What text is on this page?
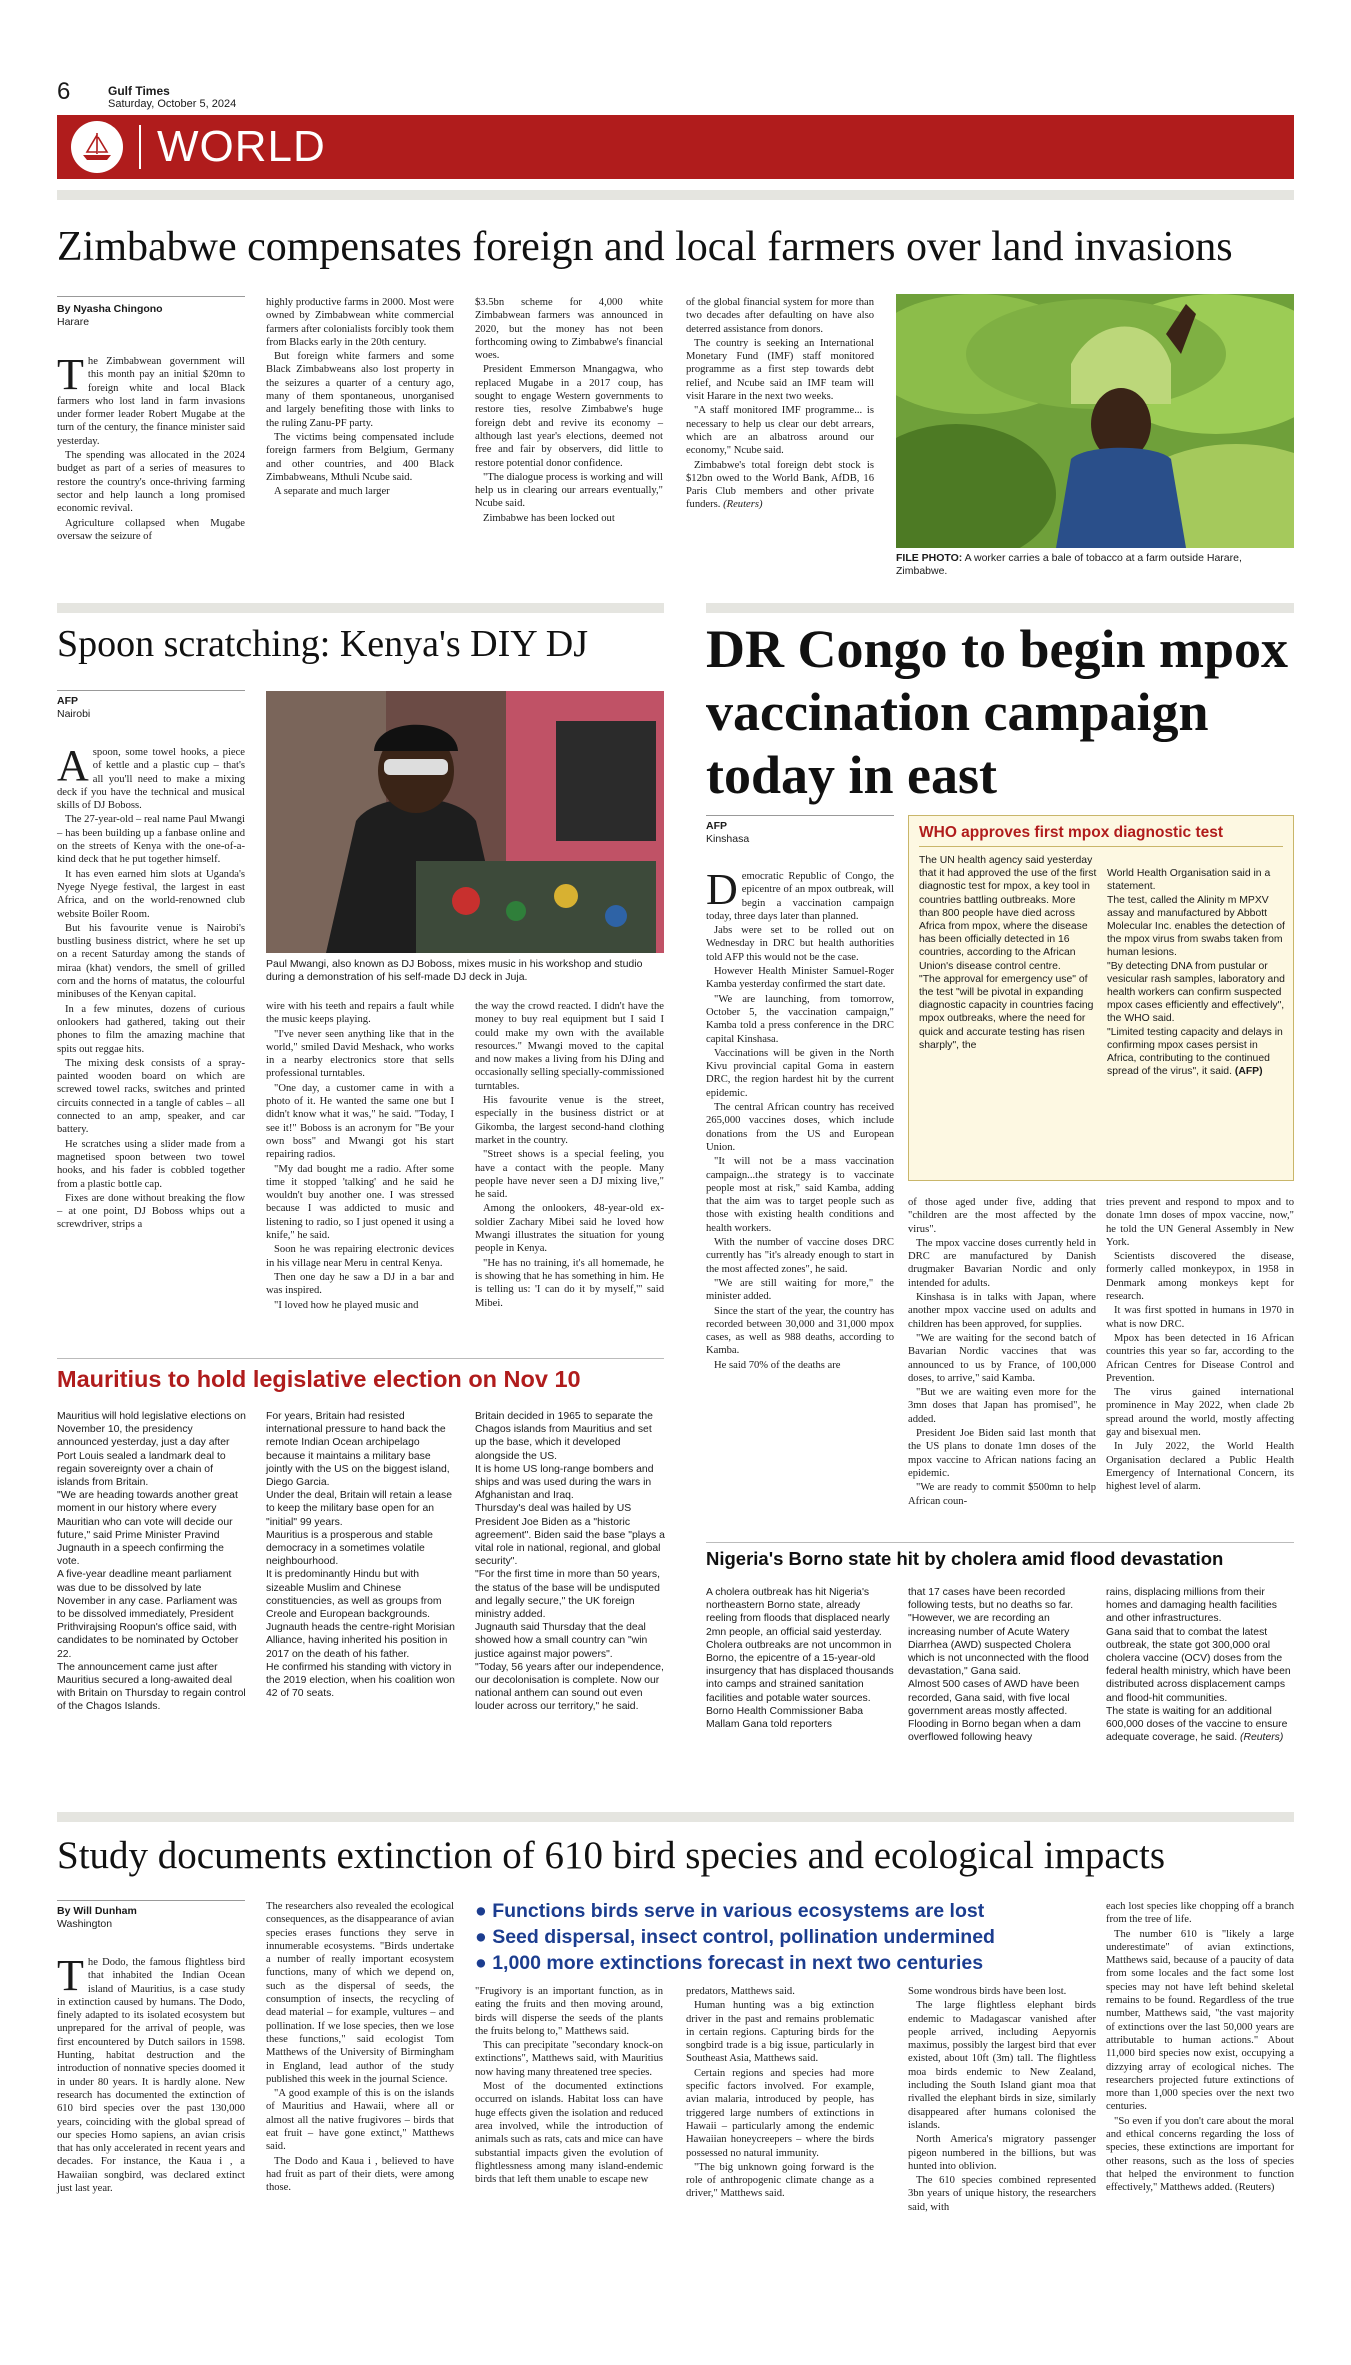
6	Gulf Times
Saturday, October 5, 2024
WORLD
Zimbabwe compensates foreign and local farmers over land invasions
By Nyasha Chingono
Harare

The Zimbabwean government will this month pay an initial $20mn to foreign white and local Black farmers who lost land in farm invasions under former leader Robert Mugabe at the turn of the century, the finance minister said yesterday.

The spending was allocated in the 2024 budget as part of a series of measures to restore the country's once-thriving farming sector and help launch a long promised economic revival.

Agriculture collapsed when Mugabe oversaw the seizure of

highly productive farms in 2000. Most were owned by Zimbabwean white commercial farmers after colonialists forcibly took them from Blacks early in the 20th century.

But foreign white farmers and some Black Zimbabweans also lost property in the seizures a quarter of a century ago, many of them spontaneous, unorganised and largely benefiting those with links to the ruling Zanu-PF party.

The victims being compensated include foreign farmers from Belgium, Germany and other countries, and 400 Black Zimbabweans, Mthuli Ncube said.

A separate and much larger

$3.5bn scheme for 4,000 white Zimbabwean farmers was announced in 2020, but the money has not been forthcoming owing to Zimbabwe's financial woes.

President Emmerson Mnangagwa, who replaced Mugabe in a 2017 coup, has sought to engage Western governments to restore ties, resolve Zimbabwe's huge foreign debt and revive its economy – although last year's elections, deemed not free and fair by observers, did little to restore potential donor confidence.

"The dialogue process is working and will help us in clearing our arrears eventually," Ncube said.

Zimbabwe has been locked out

of the global financial system for more than two decades after defaulting on have also deterred assistance from donors.

The country is seeking an International Monetary Fund (IMF) staff monitored programme as a first step towards debt relief, and Ncube said an IMF team will visit Harare in the next two weeks.

"A staff monitored IMF programme... is necessary to help us clear our debt arrears, which are an albatross around our economy," Ncube said.

Zimbabwe's total foreign debt stock is $12bn owed to the World Bank, AfDB, 16 Paris Club members and other private funders. (Reuters)

FILE PHOTO: A worker carries a bale of tobacco at a farm outside Harare, Zimbabwe.
Spoon scratching: Kenya's DIY DJ
AFP
Nairobi

Aspoon, some towel hooks, a piece of kettle and a plastic cup – that's all you'll need to make a mixing deck if you have the technical and musical skills of DJ Boboss.

The 27-year-old – real name Paul Mwangi – has been building up a fanbase online and on the streets of Kenya with the one-of-a-kind deck that he put together himself.

It has even earned him slots at Uganda's Nyege Nyege festival, the largest in east Africa, and on the world-renowned club website Boiler Room.

But his favourite venue is Nairobi's bustling business district, where he set up on a recent Saturday among the stands of miraa (khat) vendors, the smell of grilled corn and the horns of matatus, the colourful minibuses of the Kenyan capital.

In a few minutes, dozens of curious onlookers had gathered, taking out their phones to film the amazing machine that spits out reggae hits.

The mixing desk consists of a spray-painted wooden board on which are screwed towel racks, switches and printed circuits connected in a tangle of cables – all connected to an amp, speaker, and car battery.

He scratches using a slider made from a magnetised spoon between two towel hooks, and his fader is cobbled together from a plastic bottle cap.

Fixes are done without breaking the flow – at one point, DJ Boboss whips out a screwdriver, strips a

Paul Mwangi, also known as DJ Boboss, mixes music in his workshop and studio during a demonstration of his self-made DJ deck in Juja.

wire with his teeth and repairs a fault while the music keeps playing.

"I've never seen anything like that in the world," smiled David Meshack, who works in a nearby electronics store that sells professional turntables.

"One day, a customer came in with a photo of it. He wanted the same one but I didn't know what it was," he said. "Today, I see it!" Boboss is an acronym for "Be your own boss" and Mwangi got his start repairing radios.

"My dad bought me a radio. After some time it stopped 'talking' and he said he wouldn't buy another one. I was stressed because I was addicted to music and listening to radio, so I just opened it using a knife," he said.

Soon he was repairing electronic devices in his village near Meru in central Kenya.

Then one day he saw a DJ in a bar and was inspired.

"I loved how he played music and

the way the crowd reacted. I didn't have the money to buy real equipment but I said I could make my own with the available resources." Mwangi moved to the capital and now makes a living from his DJing and occasionally selling specially-commissioned turntables.

His favourite venue is the street, especially in the business district or at Gikomba, the largest second-hand clothing market in the country.

"Street shows is a special feeling, you have a contact with the people. Many people have never seen a DJ mixing live," he said.

Among the onlookers, 48-year-old ex-soldier Zachary Mibei said he loved how Mwangi illustrates the situation for young people in Kenya.

"He has no training, it's all homemade, he is showing that he has something in him. He is telling us: 'I can do it by myself,'" said Mibei.

DR Congo to begin mpox vaccination campaign today in east
AFP
Kinshasa

Democratic Republic of Congo, the epicentre of an mpox outbreak, will begin a vaccination campaign today, three days later than planned.

Jabs were set to be rolled out on Wednesday in DRC but health authorities told AFP this would not be the case.

However Health Minister Samuel-Roger Kamba yesterday confirmed the start date.

"We are launching, from tomorrow, October 5, the vaccination campaign," Kamba told a press conference in the DRC capital Kinshasa.

Vaccinations will be given in the North Kivu provincial capital Goma in eastern DRC, the region hardest hit by the current epidemic.

The central African country has received 265,000 vaccines doses, which include donations from the US and European Union.

"It will not be a mass vaccination campaign...the strategy is to vaccinate people most at risk," said Kamba, adding that the aim was to target people such as those with existing health conditions and health workers.

With the number of vaccine doses DRC currently has "it's already enough to start in the most affected zones", he said.

"We are still waiting for more," the minister added.

Since the start of the year, the country has recorded between 30,000 and 31,000 mpox cases, as well as 988 deaths, according to Kamba.

He said 70% of the deaths are

WHO approves first mpox diagnostic test
The UN health agency said yesterday that it had approved the use of the first diagnostic test for mpox, a key tool in countries battling outbreaks. More than 800 people have died across Africa from mpox, where the disease has been officially detected in 16 countries, according to the African Union's disease control centre.
"The approval for emergency use" of the test "will be pivotal in expanding diagnostic capacity in countries facing mpox outbreaks, where the need for quick and accurate testing has risen sharply", the

World Health Organisation said in a statement.
The test, called the Alinity m MPXV assay and manufactured by Abbott Molecular Inc. enables the detection of the mpox virus from swabs taken from human lesions.
"By detecting DNA from pustular or vesicular rash samples, laboratory and health workers can confirm suspected mpox cases efficiently and effectively", the WHO said.
"Limited testing capacity and delays in confirming mpox cases persist in Africa, contributing to the continued spread of the virus", it said. (AFP)

of those aged under five, adding that "children are the most affected by the virus".

The mpox vaccine doses currently held in DRC are manufactured by Danish drugmaker Bavarian Nordic and only intended for adults.

Kinshasa is in talks with Japan, where another mpox vaccine used on adults and children has been approved, for supplies.

"We are waiting for the second batch of Bavarian Nordic vaccines that was announced to us by France, of 100,000 doses, to arrive," said Kamba.

"But we are waiting even more for the 3mn doses that Japan has promised", he added.

President Joe Biden said last month that the US plans to donate 1mn doses of the mpox vaccine to African nations facing an epidemic.

"We are ready to commit $500mn to help African coun-

tries prevent and respond to mpox and to donate 1mn doses of mpox vaccine, now," he told the UN General Assembly in New York.

Scientists discovered the disease, formerly called monkeypox, in 1958 in Denmark among monkeys kept for research.

It was first spotted in humans in 1970 in what is now DRC.

Mpox has been detected in 16 African countries this year so far, according to the African Centres for Disease Control and Prevention.

The virus gained international prominence in May 2022, when clade 2b spread around the world, mostly affecting gay and bisexual men.

In July 2022, the World Health Organisation declared a Public Health Emergency of International Concern, its highest level of alarm.

Mauritius to hold legislative election on Nov 10
Mauritius will hold legislative elections on November 10, the presidency announced yesterday, just a day after Port Louis sealed a landmark deal to regain sovereignty over a chain of islands from Britain.
"We are heading towards another great moment in our history where every Mauritian who can vote will decide our future," said Prime Minister Pravind Jugnauth in a speech confirming the vote.
A five-year deadline meant parliament was due to be dissolved by late November in any case. Parliament was to be dissolved immediately, President Prithvirajsing Roopun's office said, with candidates to be nominated by October 22.
The announcement came just after Mauritius secured a long-awaited deal with Britain on Thursday to regain control of the Chagos Islands.
For years, Britain had resisted international pressure to hand back the remote Indian Ocean archipelago because it maintains a military base jointly with the US on the biggest island, Diego Garcia.
Under the deal, Britain will retain a lease to keep the military base open for an "initial" 99 years.
Mauritius is a prosperous and stable democracy in a sometimes volatile neighbourhood.
It is predominantly Hindu but with sizeable Muslim and Chinese constituencies, as well as groups from Creole and European backgrounds.
Jugnauth heads the centre-right Morisian Alliance, having inherited his position in 2017 on the death of his father.
He confirmed his standing with victory in the 2019 election, when his coalition won 42 of 70 seats.
Britain decided in 1965 to separate the Chagos islands from Mauritius and set up the base, which it developed alongside the US.
It is home US long-range bombers and ships and was used during the wars in Afghanistan and Iraq.
Thursday's deal was hailed by US President Joe Biden as a "historic agreement". Biden said the base "plays a vital role in national, regional, and global security".
"For the first time in more than 50 years, the status of the base will be undisputed and legally secure," the UK foreign ministry added.
Jugnauth said Thursday that the deal showed how a small country can "win justice against major powers".
"Today, 56 years after our independence, our decolonisation is complete. Now our national anthem can sound out even louder across our territory," he said.
Nigeria's Borno state hit by cholera amid flood devastation
A cholera outbreak has hit Nigeria's northeastern Borno state, already reeling from floods that displaced nearly 2mn people, an official said yesterday.
Cholera outbreaks are not uncommon in Borno, the epicentre of a 15-year-old insurgency that has displaced thousands into camps and strained sanitation facilities and potable water sources.
Borno Health Commissioner Baba Mallam Gana told reporters
that 17 cases have been recorded following tests, but no deaths so far.
"However, we are recording an increasing number of Acute Watery Diarrhea (AWD) suspected Cholera which is not unconnected with the flood devastation," Gana said.
Almost 500 cases of AWD have been recorded, Gana said, with five local government areas mostly affected.
Flooding in Borno began when a dam overflowed following heavy
rains, displacing millions from their homes and damaging health facilities and other infrastructures.
Gana said that to combat the latest outbreak, the state got 300,000 oral cholera vaccine (OCV) doses from the federal health ministry, which have been distributed across displacement camps and flood-hit communities.
The state is waiting for an additional 600,000 doses of the vaccine to ensure adequate coverage, he said. (Reuters)
Study documents extinction of 610 bird species and ecological impacts
By Will Dunham
Washington

The Dodo, the famous flightless bird that inhabited the Indian Ocean island of Mauritius, is a case study in extinction caused by humans. The Dodo, finely adapted to its isolated ecosystem but unprepared for the arrival of people, was first encountered by Dutch sailors in 1598. Hunting, habitat destruction and the introduction of nonnative species doomed it in under 80 years. It is hardly alone. New research has documented the extinction of 610 bird species over the past 130,000 years, coinciding with the global spread of our species Homo sapiens, an avian crisis that has only accelerated in recent years and decades. For instance, the Kaua i , a Hawaiian songbird, was declared extinct just last year.

The researchers also revealed the ecological consequences, as the disappearance of avian species erases functions they serve in innumerable ecosystems. "Birds undertake a number of really important ecosystem functions, many of which we depend on, such as the dispersal of seeds, the consumption of insects, the recycling of dead material – for example, vultures – and pollination. If we lose species, then we lose these functions," said ecologist Tom Matthews of the University of Birmingham in England, lead author of the study published this week in the journal Science.

"A good example of this is on the islands of Mauritius and Hawaii, where all or almost all the native frugivores – birds that eat fruit – have gone extinct," Matthews said.

The Dodo and Kaua i , believed to have had fruit as part of their diets, were among those.

● Functions birds serve in various ecosystems are lost
● Seed dispersal, insect control, pollination undermined
● 1,000 more extinctions forecast in next two centuries

"Frugivory is an important function, as in eating the fruits and then moving around, birds will disperse the seeds of the plants the fruits belong to," Matthews said.

This can precipitate "secondary knock-on extinctions", Matthews said, with Mauritius now having many threatened tree species.

Most of the documented extinctions occurred on islands. Habitat loss can have huge effects given the isolation and reduced area involved, while the introduction of animals such as rats, cats and mice can have substantial impacts given the evolution of flightlessness among many island-endemic birds that left them unable to escape new

predators, Matthews said.

Human hunting was a big extinction driver in the past and remains problematic in certain regions. Capturing birds for the songbird trade is a big issue, particularly in Southeast Asia, Matthews said.

Certain regions and species had more specific factors involved. For example, avian malaria, introduced by people, has triggered large numbers of extinctions in Hawaii – particularly among the endemic Hawaiian honeycreepers – where the birds possessed no natural immunity.

"The big unknown going forward is the role of anthropogenic climate change as a driver," Matthews said.

Some wondrous birds have been lost.

The large flightless elephant birds endemic to Madagascar vanished after people arrived, including Aepyornis maximus, possibly the largest bird that ever existed, about 10ft (3m) tall. The flightless moa birds endemic to New Zealand, including the South Island giant moa that rivalled the elephant birds in size, similarly disappeared after humans colonised the islands.

North America's migratory passenger pigeon numbered in the billions, but was hunted into oblivion.

The 610 species combined represented 3bn years of unique history, the researchers said, with

each lost species like chopping off a branch from the tree of life.

The number 610 is "likely a large underestimate" of avian extinctions, Matthews said, because of a paucity of data from some locales and the fact some lost species may not have left behind skeletal remains to be found. Regardless of the true number, Matthews said, "the vast majority of extinctions over the last 50,000 years are attributable to human actions." About 11,000 bird species now exist, occupying a dizzying array of ecological niches. The researchers projected future extinctions of more than 1,000 species over the next two centuries.

"So even if you don't care about the moral and ethical concerns regarding the loss of species, these extinctions are important for other reasons, such as the loss of species that helped the environment to function effectively," Matthews added. (Reuters)
